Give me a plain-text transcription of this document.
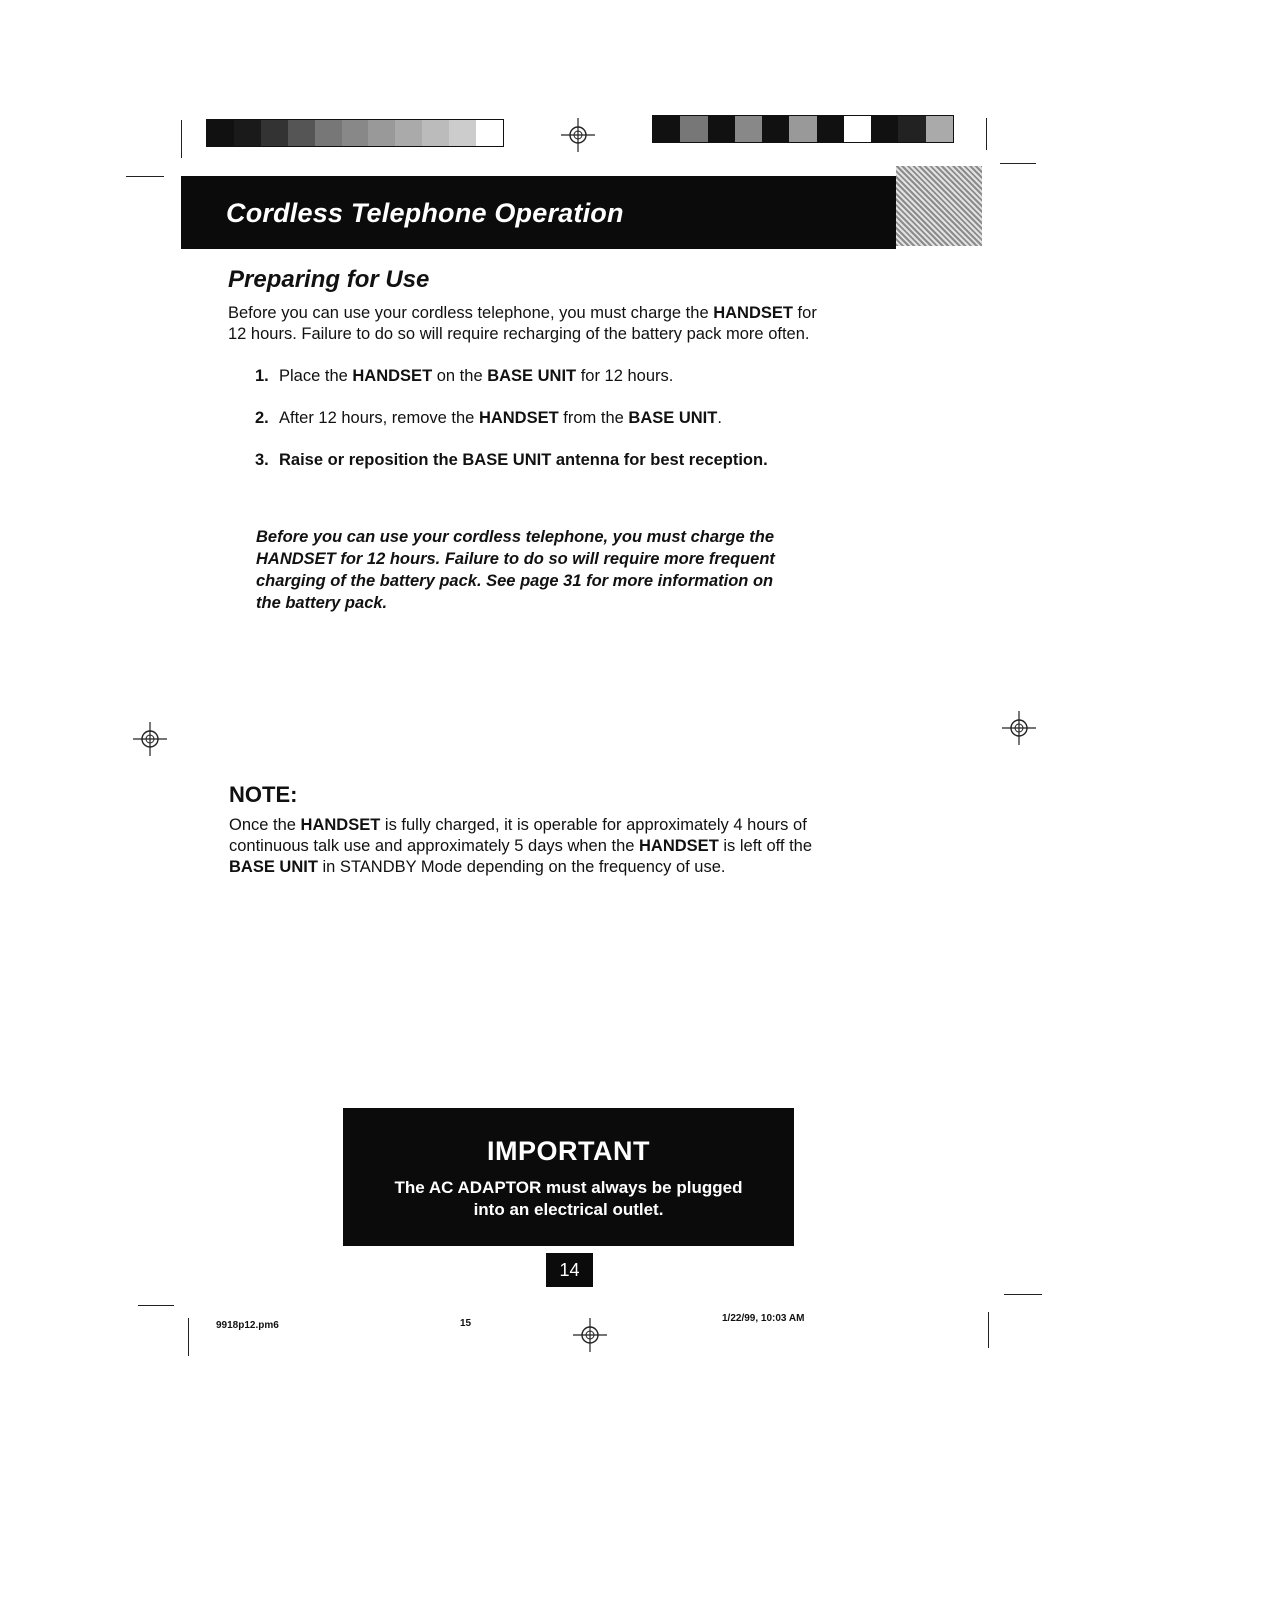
Cordless Telephone Operation
Preparing for Use
Before you can use your cordless telephone, you must charge the HANDSET for
12 hours. Failure to do so will require recharging of the battery pack more often.
1. Place the HANDSET on the BASE UNIT for 12 hours.
2. After 12 hours, remove the HANDSET from the BASE UNIT.
3. Raise or reposition the BASE UNIT antenna for best reception.
Before you can use your cordless telephone, you must charge the
HANDSET for 12 hours. Failure to do so will require more frequent
charging of the battery pack. See page 31 for more information on
the battery pack.
NOTE:
Once the HANDSET is fully charged, it is operable for approximately 4 hours of
continuous talk use and approximately 5 days when the HANDSET is left off the
BASE UNIT in STANDBY Mode depending on the frequency of use.
IMPORTANT
The AC ADAPTOR must always be plugged
into an electrical outlet.
14
9918p12.pm6	15	1/22/99, 10:03 AM
